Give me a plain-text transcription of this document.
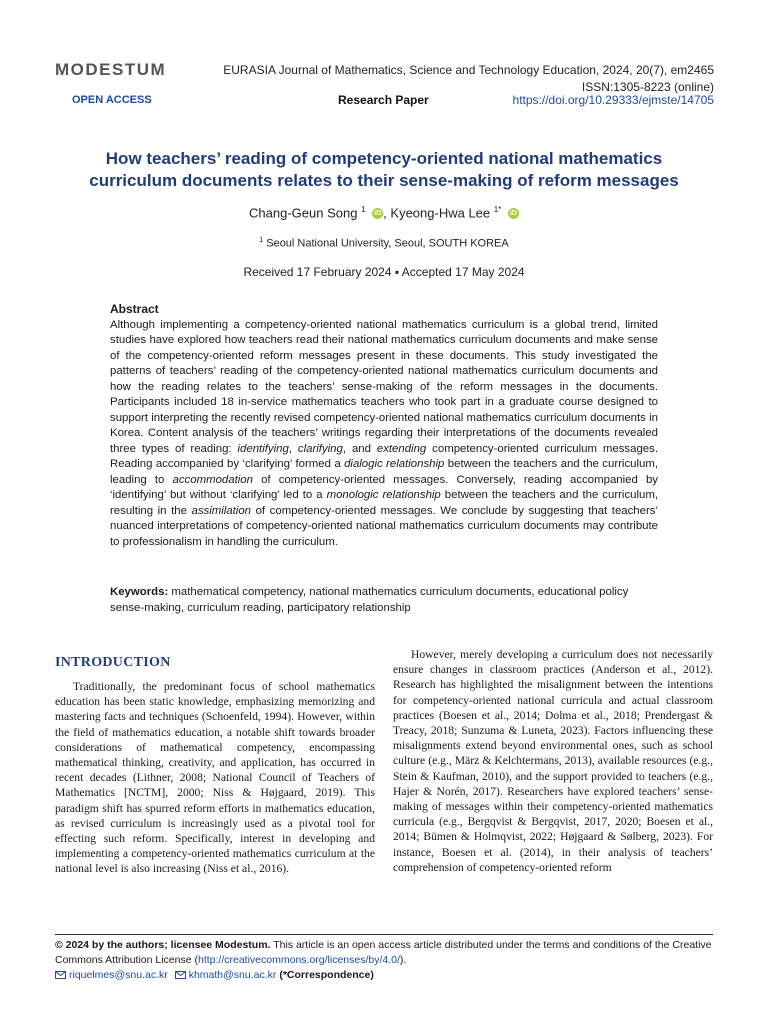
MODESTUM	EURASIA Journal of Mathematics, Science and Technology Education, 2024, 20(7), em2465
ISSN:1305-8223 (online)
OPEN ACCESS	Research Paper	https://doi.org/10.29333/ejmste/14705
How teachers’ reading of competency-oriented national mathematics curriculum documents relates to their sense-making of reform messages
Chang-Geun Song $^1$ iD , Kyeong-Hwa Lee $^{1*}$ iD
$^1$ Seoul National University, Seoul, SOUTH KOREA
Received 17 February 2024 ▪ Accepted 17 May 2024
Abstract
Although implementing a competency-oriented national mathematics curriculum is a global trend, limited studies have explored how teachers read their national mathematics curriculum documents and make sense of the competency-oriented reform messages present in these documents. This study investigated the patterns of teachers’ reading of the competency-oriented national mathematics curriculum documents and how the reading relates to the teachers’ sense-making of the reform messages in the documents. Participants included 18 in-service mathematics teachers who took part in a graduate course designed to support interpreting the recently revised competency-oriented national mathematics curriculum documents in Korea. Content analysis of the teachers’ writings regarding their interpretations of the documents revealed three types of reading: identifying, clarifying, and extending competency-oriented curriculum messages. Reading accompanied by ‘clarifying’ formed a dialogic relationship between the teachers and the curriculum, leading to accommodation of competency-oriented messages. Conversely, reading accompanied by ‘identifying’ but without ‘clarifying’ led to a monologic relationship between the teachers and the curriculum, resulting in the assimilation of competency-oriented messages. We conclude by suggesting that teachers’ nuanced interpretations of competency-oriented national mathematics curriculum documents may contribute to professionalism in handling the curriculum.
Keywords: mathematical competency, national mathematics curriculum documents, educational policy sense-making, curriculum reading, participatory relationship
INTRODUCTION

Traditionally, the predominant focus of school mathematics education has been static knowledge, emphasizing memorizing and mastering facts and techniques (Schoenfeld, 1994). However, within the field of mathematics education, a notable shift towards broader considerations of mathematical competency, encompassing mathematical thinking, creativity, and application, has occurred in recent decades (Lithner, 2008; National Council of Teachers of Mathematics [NCTM], 2000; Niss & Højgaard, 2019). This paradigm shift has spurred reform efforts in mathematics education, as revised curriculum is increasingly used as a pivotal tool for effecting such reform. Specifically, interest in developing and implementing a competency-oriented mathematics curriculum at the national level is also increasing (Niss et al., 2016).

However, merely developing a curriculum does not necessarily ensure changes in classroom practices (Anderson et al., 2012). Research has highlighted the misalignment between the intentions for competency-oriented national curricula and actual classroom practices (Boesen et al., 2014; Dolma et al., 2018; Prendergast & Treacy, 2018; Sunzuma & Luneta, 2023). Factors influencing these misalignments extend beyond environmental ones, such as school culture (e.g., März & Kelchtermans, 2013), available resources (e.g., Stein & Kaufman, 2010), and the support provided to teachers (e.g., Hajer & Norén, 2017). Researchers have explored teachers’ sense-making of messages within their competency-oriented mathematics curricula (e.g., Bergqvist & Bergqvist, 2017, 2020; Boesen et al., 2014; Bümen & Holmqvist, 2022; Højgaard & Sølberg, 2023). For instance, Boesen et al. (2014), in their analysis of teachers’ comprehension of competency-oriented reform

© 2024 by the authors; licensee Modestum. This article is an open access article distributed under the terms and conditions of the Creative Commons Attribution License (http://creativecommons.org/licenses/by/4.0/).
riquelmes@snu.ac.kr khmath@snu.ac.kr (*Correspondence)
